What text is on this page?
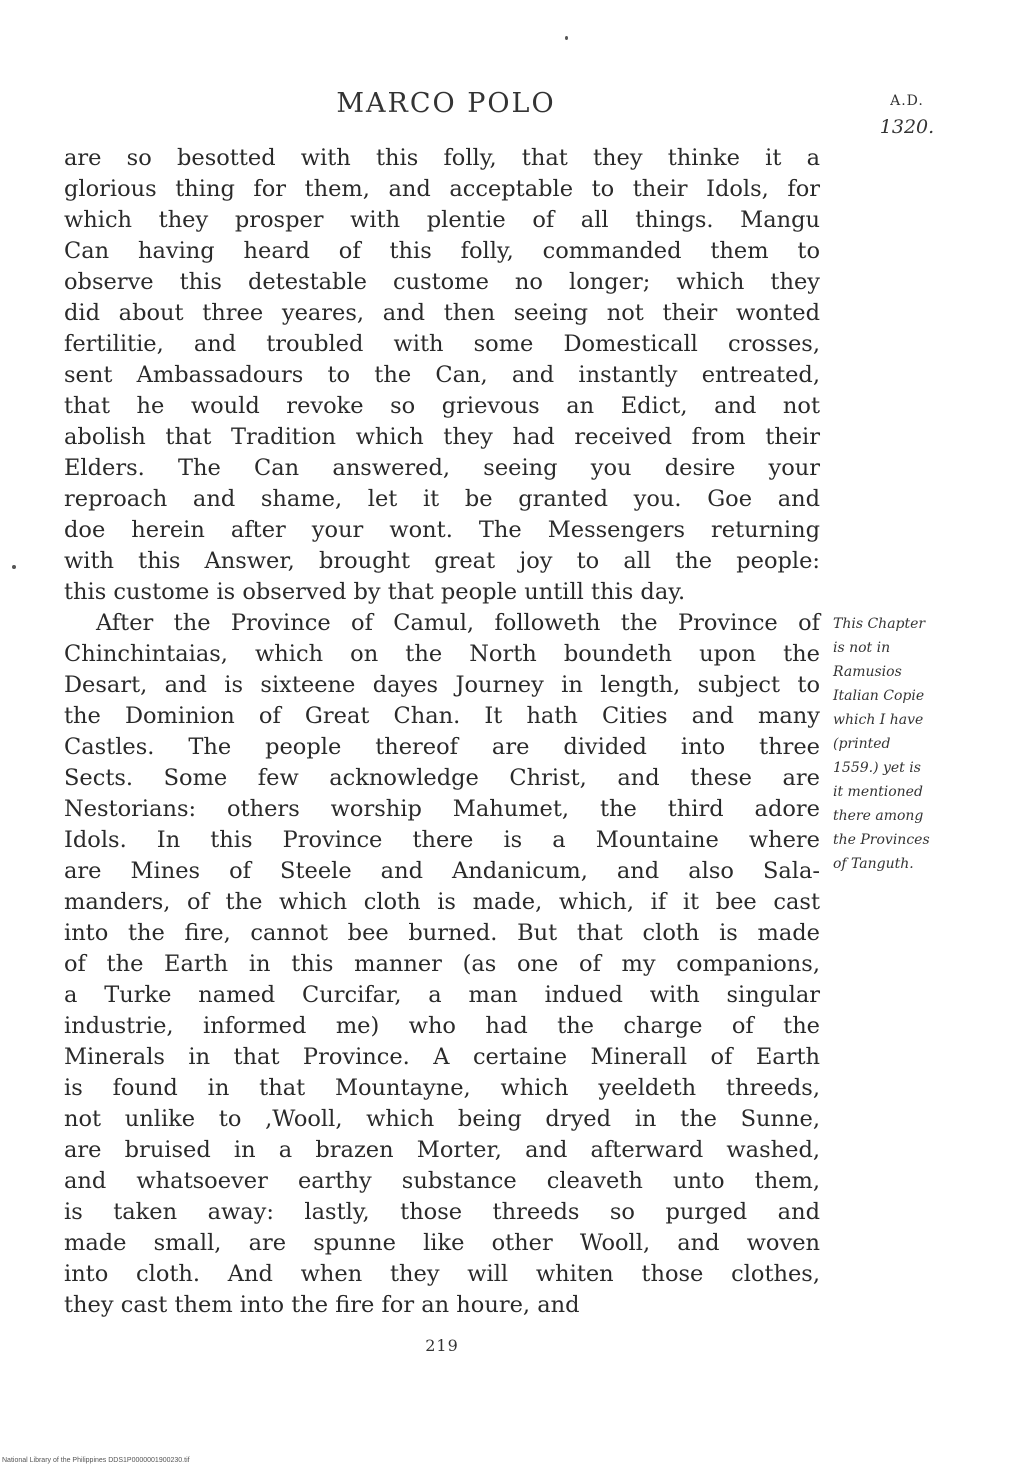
MARCO POLO	A.D.
1320.
are so besotted with this folly, that they thinke it a
glorious thing for them, and acceptable to their Idols, for
which they prosper with plentie of all things. Mangu
Can having heard of this folly, commanded them to
observe this detestable custome no longer; which they
did about three yeares, and then seeing not their wonted
fertilitie, and troubled with some Domesticall crosses,
sent Ambassadours to the Can, and instantly entreated,
that he would revoke so grievous an Edict, and not
abolish that Tradition which they had received from their
Elders. The Can answered, seeing you desire your
reproach and shame, let it be granted you. Goe and
doe herein after your wont. The Messengers returning
with this Answer, brought great joy to all the people:
this custome is observed by that people untill this day.
After the Province of Camul, followeth the Province of
Chinchintaias, which on the North boundeth upon the
Desart, and is sixteene dayes Journey in length, subject to
the Dominion of Great Chan. It hath Cities and many
Castles. The people thereof are divided into three
Sects. Some few acknowledge Christ, and these are
Nestorians: others worship Mahumet, the third adore
Idols. In this Province there is a Mountaine where
are Mines of Steele and Andanicum, and also Sala-
manders, of the which cloth is made, which, if it bee cast
into the fire, cannot bee burned. But that cloth is made
of the Earth in this manner (as one of my companions,
a Turke named Curcifar, a man indued with singular
industrie, informed me) who had the charge of the
Minerals in that Province. A certaine Minerall of Earth
is found in that Mountayne, which yeeldeth threeds,
not unlike to ,Wooll, which being dryed in the Sunne,
are bruised in a brazen Morter, and afterward washed,
and whatsoever earthy substance cleaveth unto them,
is taken away: lastly, those threeds so purged and
made small, are spunne like other Wooll, and woven
into cloth. And when they will whiten those clothes,
they cast them into the fire for an houre, and
This Chapter
is not in
Ramusios
Italian Copie
which I have
(printed
1559.) yet is
it mentioned
there among
the Provinces
of Tanguth.
219
National Library of the Philippines DDS1P0000001900230.tif
